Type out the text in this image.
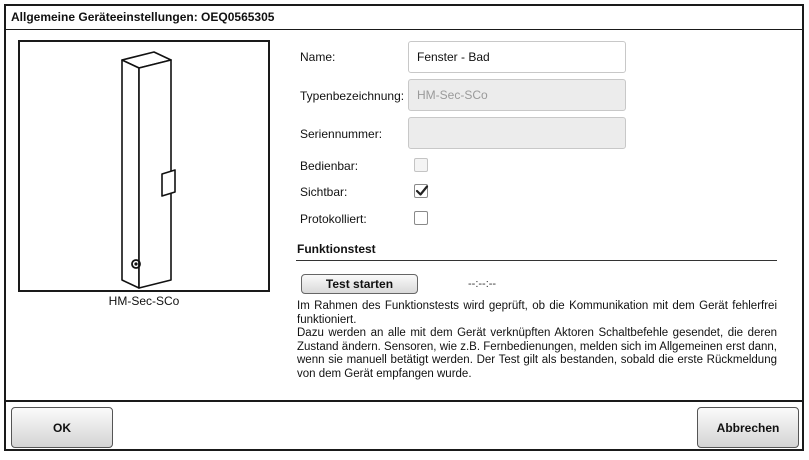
Allgemeine Geräteeinstellungen: OEQ0565305
HM-Sec-SCo
Name:
Fenster - Bad
Typenbezeichnung:
HM-Sec-SCo
Seriennummer:
Bedienbar:
Sichtbar:
Protokolliert:
Funktionstest
Test starten	--:--:--

Im Rahmen des Funktionstests wird geprüft, ob die Kommunikation mit dem Gerät fehlerfrei funktioniert.

Dazu werden an alle mit dem Gerät verknüpften Aktoren Schaltbefehle gesendet, die deren Zustand ändern. Sensoren, wie z.B. Fernbedienungen, melden sich im Allgemeinen erst dann, wenn sie manuell betätigt werden. Der Test gilt als bestanden, sobald die erste Rückmeldung von dem Gerät empfangen wurde.

OK	Abbrechen
